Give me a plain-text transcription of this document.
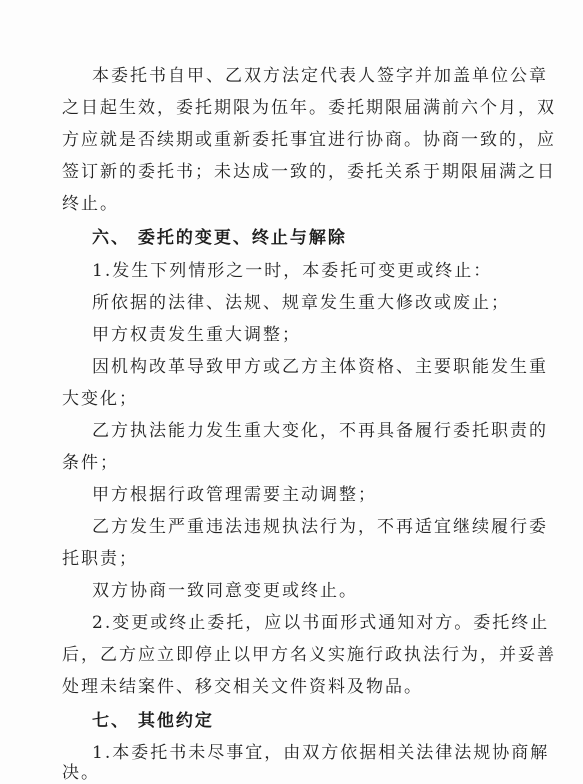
本委托书自甲、乙双方法定代表人签字并加盖单位公章
之日起生效，委托期限为伍年。委托期限届满前六个月，双
方应就是否续期或重新委托事宜进行协商。协商一致的，应
签订新的委托书；未达成一致的，委托关系于期限届满之日
终止。
六、 委托的变更、终止与解除
1.发生下列情形之一时，本委托可变更或终止：
所依据的法律、法规、规章发生重大修改或废止；
甲方权责发生重大调整；
因机构改革导致甲方或乙方主体资格、主要职能发生重
大变化；
乙方执法能力发生重大变化，不再具备履行委托职责的
条件；
甲方根据行政管理需要主动调整；
乙方发生严重违法违规执法行为，不再适宜继续履行委
托职责；
双方协商一致同意变更或终止。
2.变更或终止委托，应以书面形式通知对方。委托终止
后，乙方应立即停止以甲方名义实施行政执法行为，并妥善
处理未结案件、移交相关文件资料及物品。
七、 其他约定
1.本委托书未尽事宜，由双方依据相关法律法规协商解
决。
